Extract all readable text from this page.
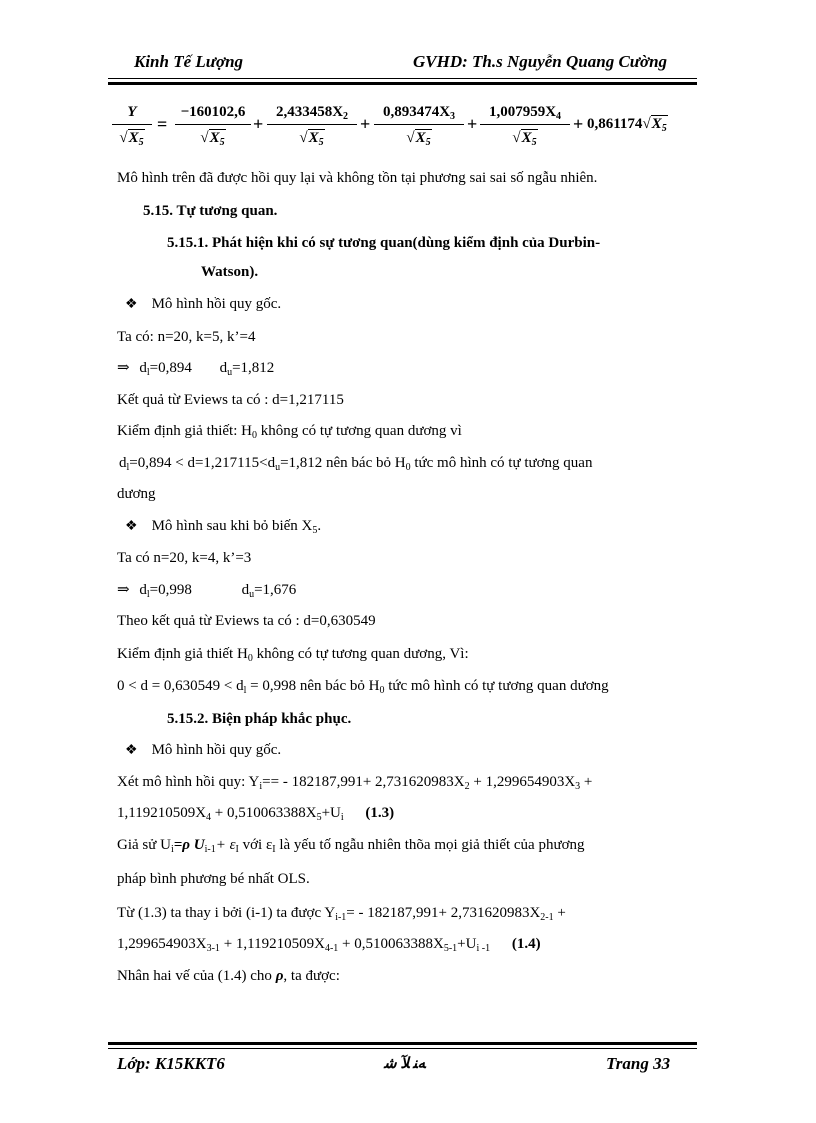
Kinh Tế Lượng	GVHD: Th.s Nguyễn Quang Cường
$\frac{Y}{√X_5} = \frac{-160102,6}{√X_5} + \frac{2,433458X_2}{√X_5} + \frac{0,893474X_3}{√X_5} + \frac{1,007959X_4}{√X_5} + 0,861174√X_5$
Mô hình trên đã được hồi quy lại và không tồn tại phương sai sai số ngẫu nhiên.
5.15. Tự tương quan.
5.15.1. Phát hiện khi có sự tương quan(dùng kiểm định của Durbin-
Watson).
❖ Mô hình hồi quy gốc.
Ta có: n=20, k=5, k’=4
⇒ $d_l=0,894$ $d_u=1,812$
Kết quả từ Eviews ta có : d=1,217115
Kiểm định giả thiết: $H_0$ không có tự tương quan dương vì
$d_l=0,894 < d=1,217115<d_u=1,812$ nên bác bỏ $H_0$ tức mô hình có tự tương quan
dương
❖ Mô hình sau khi bỏ biến $X_5$.
Ta có n=20, k=4, k’=3
⇒ $d_l=0,998$	$d_u=1,676$
Theo kết quả từ Eviews ta có : d=0,630549
Kiểm định giả thiết $H_0$ không có tự tương quan dương, Vì:
$0 < d = 0,630549 < d_l = 0,998$ nên bác bỏ $H_0$ tức mô hình có tự tương quan dương
5.15.2. Biện pháp khắc phục.
❖ Mô hình hồi quy gốc.
Xét mô hình hồi quy: $Y_i== - 182187,991+ 2,731620983X_2 + 1,299654903X_3$ +
$1,119210509X_4 + 0,510063388X_5+U_i$ (1.3)
Giả sử $U_i=\rho$ $U_{i-1}+ \varepsilon_I$ với $\varepsilon_I$ là yếu tố ngẫu nhiên thõa mọi giả thiết của phương
pháp bình phương bé nhất OLS.
Từ (1.3) ta thay i bởi (i-1) ta được $Y_{i-1}= - 182187,991+ 2,731620983X_{2-1}$ +
$1,299654903X_{3-1} + 1,119210509X_{4-1} + 0,510063388X_{5-1}+U_{i -1}$ (1.4)
Nhân hai vế của (1.4) cho ρ, ta được:
Lớp: K15KKT6	ﻪﻨ ﻶ ﺷ	Trang 33
